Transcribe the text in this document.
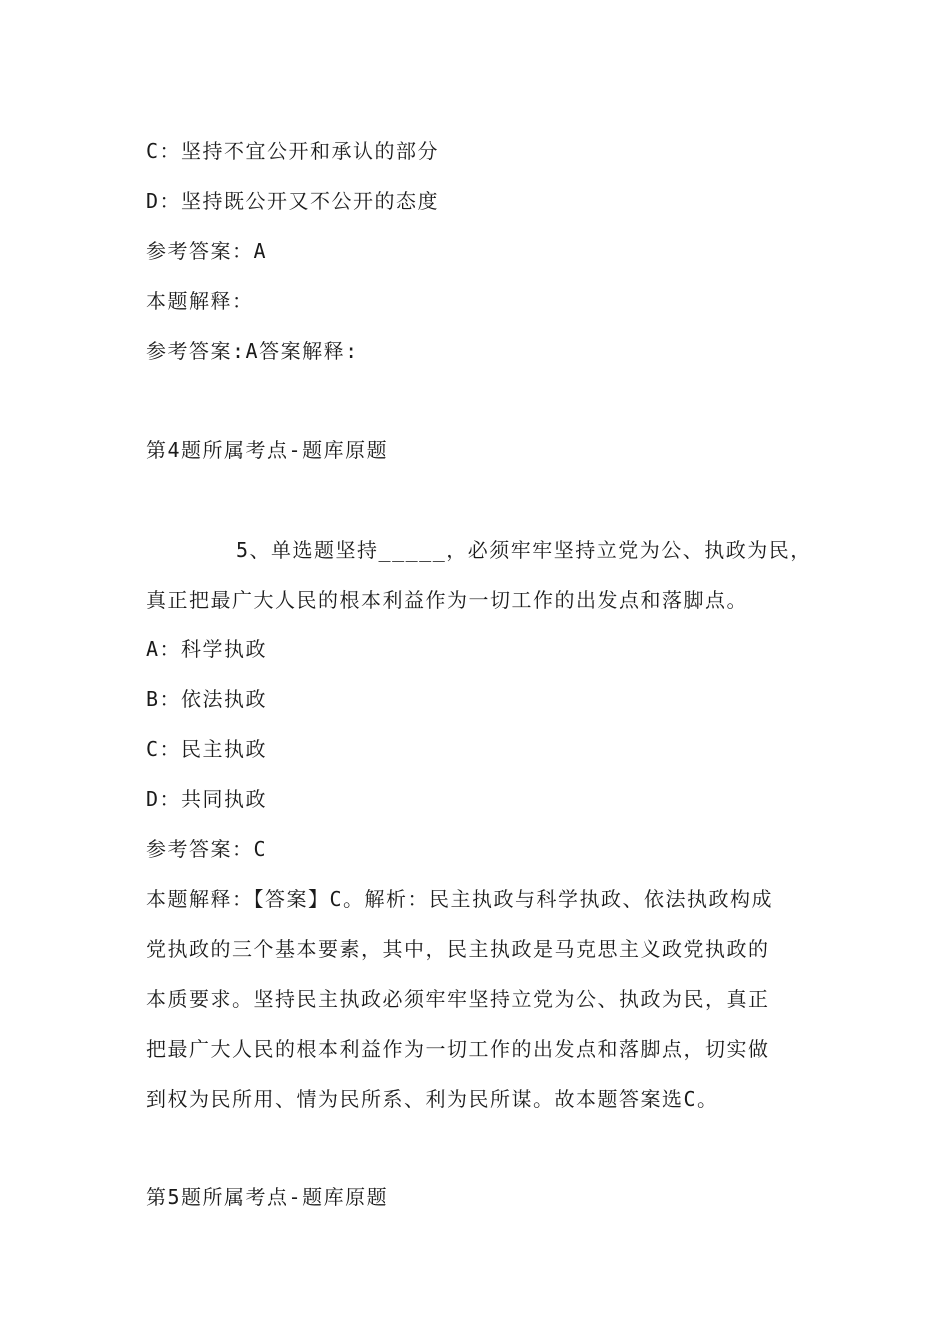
C：坚持不宜公开和承认的部分

D：坚持既公开又不公开的态度

参考答案：A

本题解释：

参考答案:A答案解释:

第4题所属考点-题库原题

5、单选题坚持_____，必须牢牢坚持立党为公、执政为民，

真正把最广大人民的根本利益作为一切工作的出发点和落脚点。

A：科学执政

B：依法执政

C：民主执政

D：共同执政

参考答案：C

本题解释：【答案】C。解析：民主执政与科学执政、依法执政构成

党执政的三个基本要素，其中，民主执政是马克思主义政党执政的

本质要求。坚持民主执政必须牢牢坚持立党为公、执政为民，真正

把最广大人民的根本利益作为一切工作的出发点和落脚点，切实做

到权为民所用、情为民所系、利为民所谋。故本题答案选C。

第5题所属考点-题库原题
